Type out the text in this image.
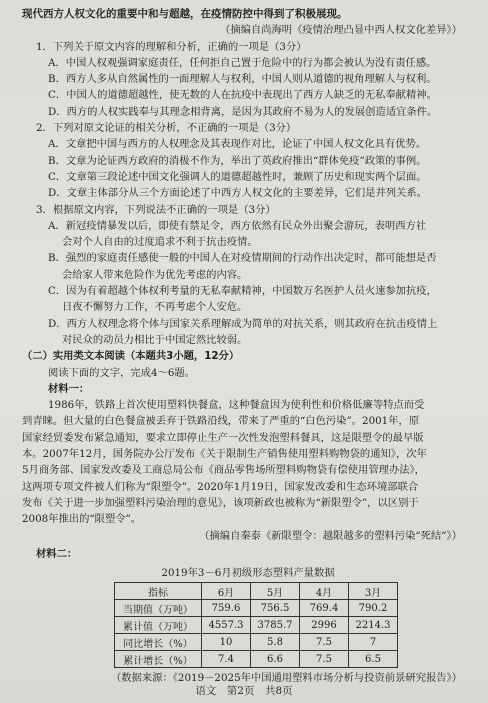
现代西方人权文化的重要中和与超越，在疫情防控中得到了积极展现。

（摘编自尚海明《疫情治理凸显中西人权文化差异》）

1．下列关于原文内容的理解和分析，正确的一项是（3分）

A．中国人权观强调家庭责任，任何拒自己置于危险中的行为都会被认为没有责任感。

B．西方人多从自然属性的一面理解人与权利，中国人则从道德的视角理解人与权利。

C．中国人的道德超越性，使无数的人在抗疫中表现出了西方人缺乏的无私奉献精神。

D．西方的人权实践奉与其理念相背离，是因为其政府不易为人的发展创造适宜条件。

2．下列对原文论证的相关分析，不正确的一项是（3分）

A．文章把中国与西方的人权理念及其表现作对比，论证了中国人权文化具有优势。

B．文章为论证西方政府的消极不作为，举出了英政府推出“群体免疫”政策的事例。

C．文章第三段论述中国文化强调人的道德超越性时，兼顾了历史和现实两个层面。

D．文章主体部分从三个方面论述了中西方人权文化的主要差异，它们是并列关系。

3．根据原文内容，下列说法不正确的一项是（3分）

A．新冠疫情暴发以后，即使有禁足令，西方依然有民众外出聚会游玩，表明西方社

会对个人自由的过度追求不利于抗击疫情。

B．强烈的家庭责任感使一般的中国人在对疫情期间的行动作出决定时，都可能想是否

会给家人带来危险作为优先考虑的内容。

C．因为有着超越个体权利考量的无私奉献精神，中国数万名医护人员火速参加抗疫，

日夜不懈努力工作，不再考虑个人安危。

D．西方人权理念将个体与国家关系理解成为简单的对抗关系，则其政府在抗击疫情上

对民众的动员力相比于中国定然比较弱。

（二）实用类文本阅读（本题共3小题，12分）

阅读下面的文字，完成4～6题。

材料一：

1986年，铁路上首次使用塑料快餐盒，这种餐盒因为使利性和价格低廉等特点而受

到青睐。但大量的白色餐盒被丢弃于铁路沿线，带来了严重的“白色污染”。2001年，原

国家经贸委发布紧急通知，要求立即停止生产一次性发泡塑料餐具，这是限塑令的最早版

本。2007年12月，国务院办公厅发布《关于限制生产销售使用塑料购物袋的通知》，次年

5月商务部、国家发改委及工商总局公布《商品零售场所塑料购物袋有偿使用管理办法》，

这两项专项文件被人们称为“限塑令”。2020年1月19日，国家发改委和生态环境部联合

发布《关于进一步加强塑料污染治理的意见》，该项新政也被称为“新限塑令”，以区别于

2008年推出的“限塑令”。

（摘编自秦泰《新限塑令：越限越多的塑料污染“死结”》）

材料二：

2019年3－6月初级形态塑料产量数据

指标	6月	5月	4月	3月
当期值（万吨）	759.6	756.5	769.4	790.2
累计值（万吨）	4557.3	3785.7	2996	2214.3
同比增长（%）	10	5.8	7.5	7
累计增长（%）	7.4	6.6	7.5	6.5

（数据来源：《2019－2025年中国通用塑料市场分析与投资前景研究报告》）

语文　第2页　共8页
